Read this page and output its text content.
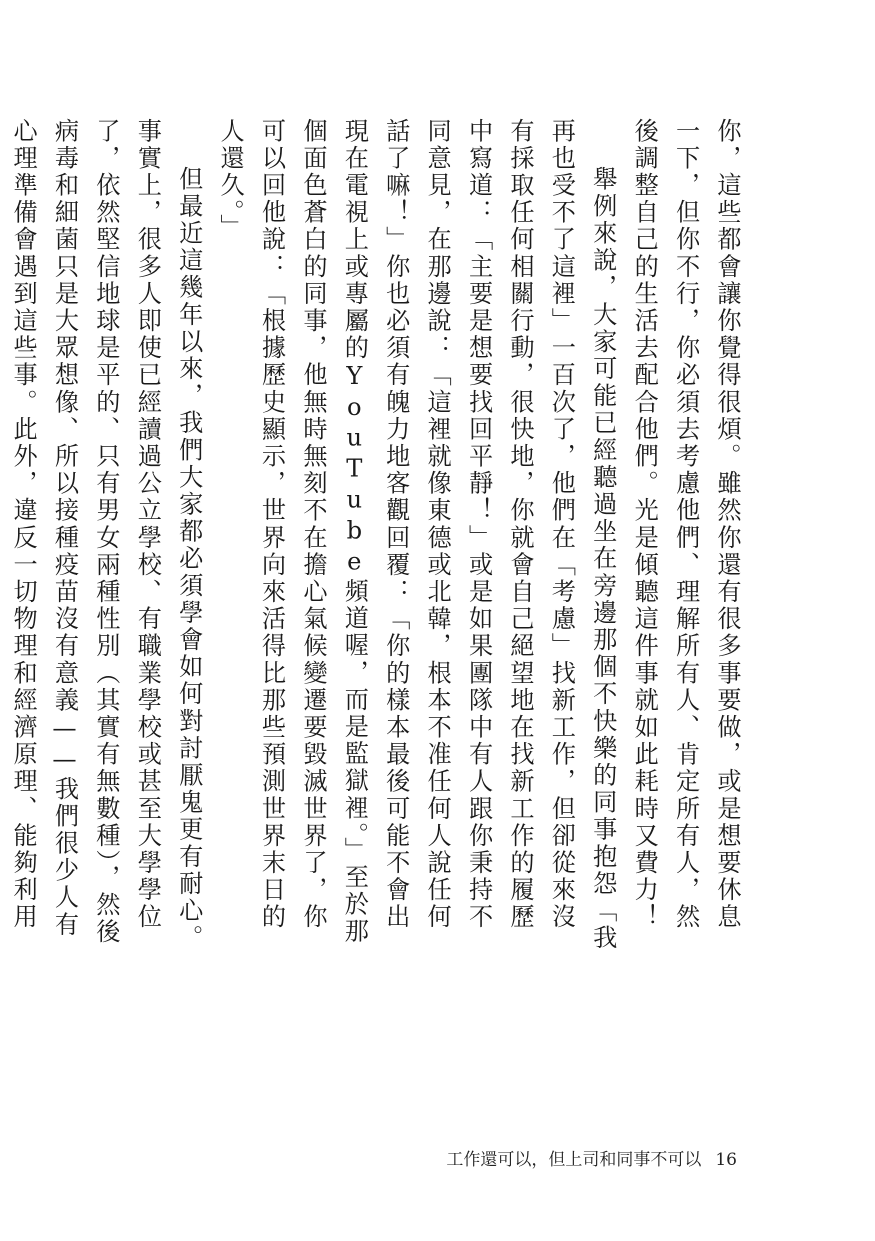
你，這些都會讓你覺得很煩。雖然你還有很多事要做，或是想要休息一下，但你不行，你必須去考慮他們、理解所有人、肯定所有人，然後調整自己的生活去配合他們。光是傾聽這件事就如此耗時又費力！

舉例來說，大家可能已經聽過坐在旁邊那個不快樂的同事抱怨「我再也受不了這裡」一百次了，他們在「考慮」找新工作，但卻從來沒有採取任何相關行動，很快地，你就會自己絕望地在找新工作的履歷中寫道：「主要是想要找回平靜！」或是如果團隊中有人跟你秉持不同意見，在那邊說：「這裡就像東德或北韓，根本不准任何人說任何話了嘛！」你也必須有魄力地客觀回覆：「你的樣本最後可能不會出現在電視上或專屬的YouTube頻道喔，而是監獄裡。」至於那個面色蒼白的同事，他無時無刻不在擔心氣候變遷要毀滅世界了，你可以回他說：「根據歷史顯示，世界向來活得比那些預測世界末日的人還久。」

但最近這幾年以來，我們大家都必須學會如何對討厭鬼更有耐心。事實上，很多人即使已經讀過公立學校、有職業學校或甚至大學學位了，依然堅信地球是平的、只有男女兩種性別（其實有無數種），然後病毒和細菌只是大眾想像、所以接種疫苗沒有意義——我們很少人有心理準備會遇到這些事。此外，違反一切物理和經濟原理、能夠利用

工作還可以，但上司和同事不可以 16
